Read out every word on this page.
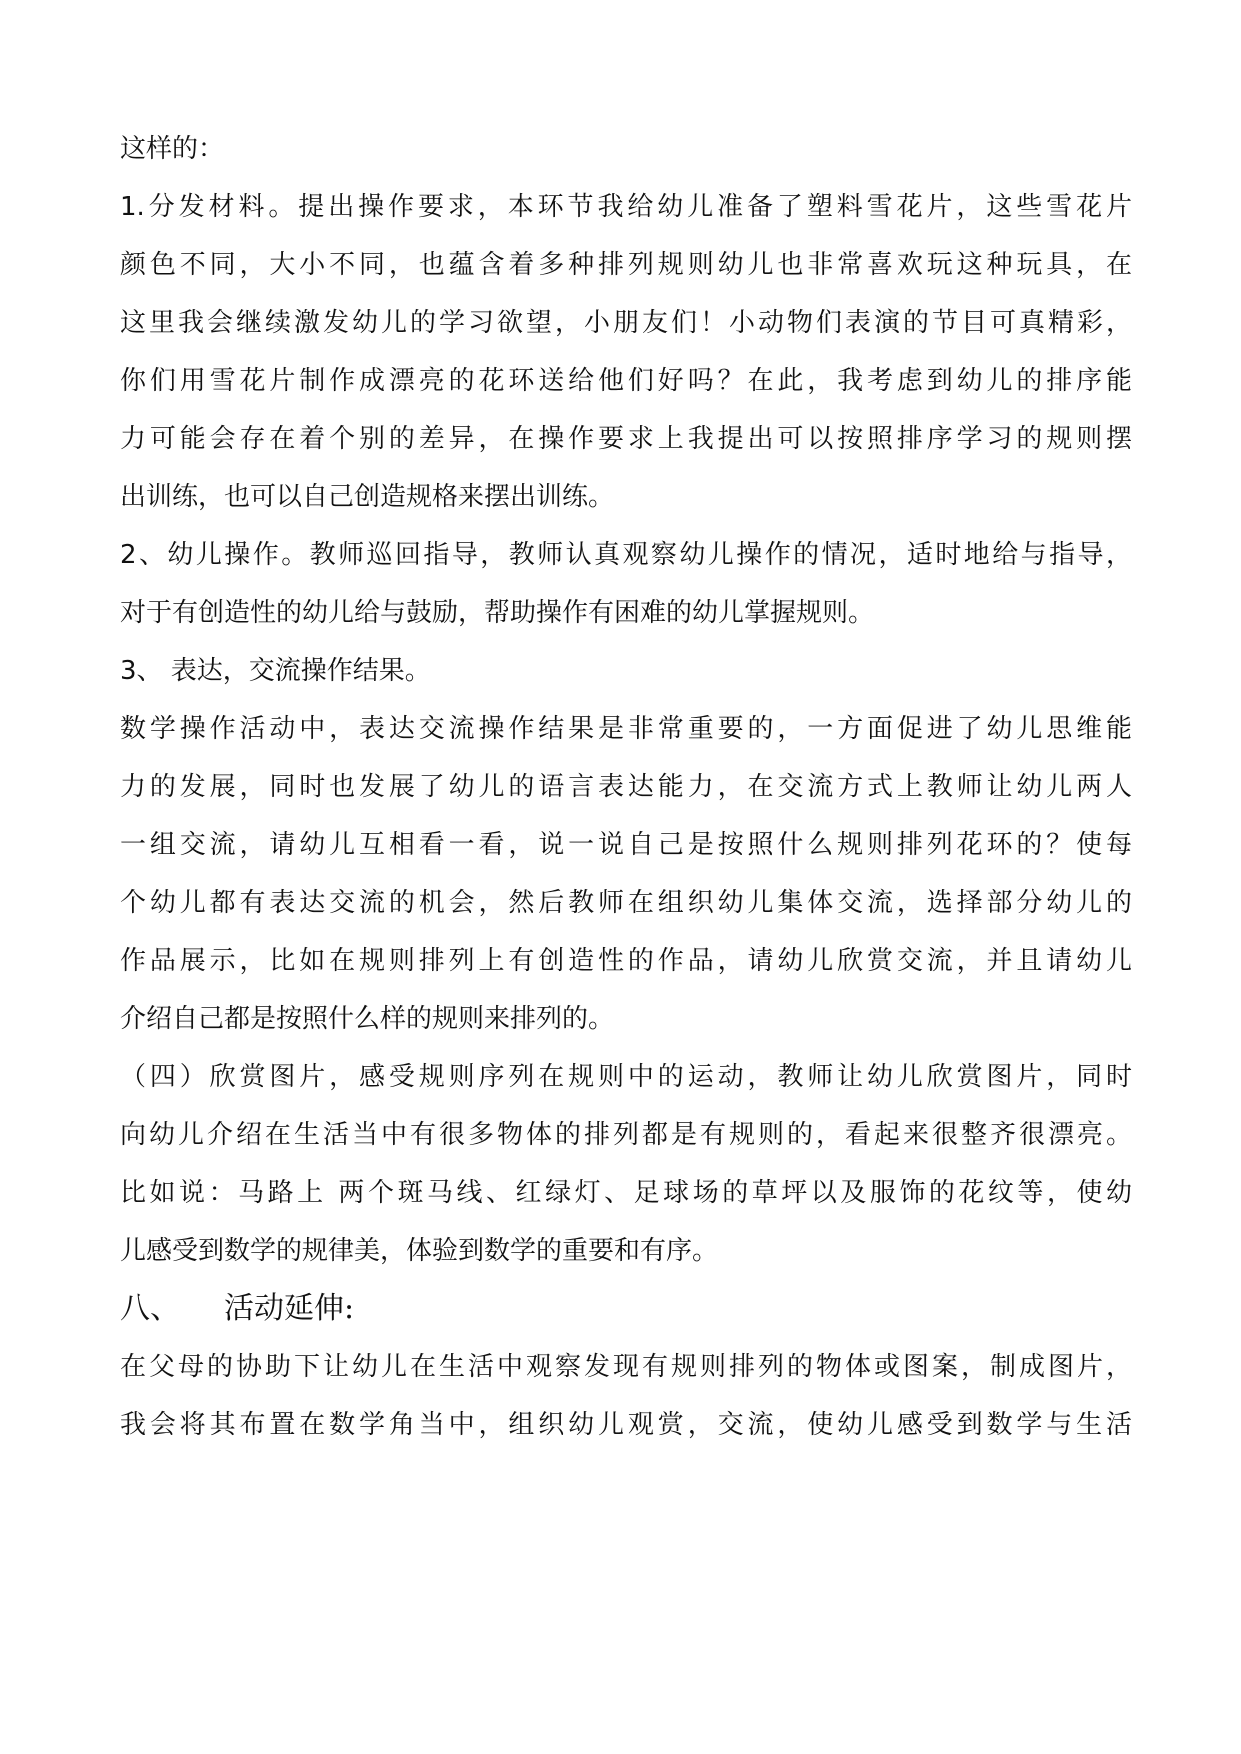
这样的：
1.分发材料。提出操作要求，本环节我给幼儿准备了塑料雪花片，这些雪花片
颜色不同，大小不同，也蕴含着多种排列规则幼儿也非常喜欢玩这种玩具，在
这里我会继续激发幼儿的学习欲望，小朋友们！小动物们表演的节目可真精彩，
你们用雪花片制作成漂亮的花环送给他们好吗？在此，我考虑到幼儿的排序能
力可能会存在着个别的差异，在操作要求上我提出可以按照排序学习的规则摆
出训练，也可以自己创造规格来摆出训练。
2、幼儿操作。教师巡回指导，教师认真观察幼儿操作的情况，适时地给与指导，
对于有创造性的幼儿给与鼓励，帮助操作有困难的幼儿掌握规则。
3、 表达，交流操作结果。
数学操作活动中，表达交流操作结果是非常重要的，一方面促进了幼儿思维能
力的发展，同时也发展了幼儿的语言表达能力，在交流方式上教师让幼儿两人
一组交流，请幼儿互相看一看，说一说自己是按照什么规则排列花环的？使每
个幼儿都有表达交流的机会，然后教师在组织幼儿集体交流，选择部分幼儿的
作品展示，比如在规则排列上有创造性的作品，请幼儿欣赏交流，并且请幼儿
介绍自己都是按照什么样的规则来排列的。
（四）欣赏图片，感受规则序列在规则中的运动，教师让幼儿欣赏图片，同时
向幼儿介绍在生活当中有很多物体的排列都是有规则的，看起来很整齐很漂亮。
比如说：马路上 两个斑马线、红绿灯、足球场的草坪以及服饰的花纹等，使幼
儿感受到数学的规律美，体验到数学的重要和有序。
八、 活动延伸:
在父母的协助下让幼儿在生活中观察发现有规则排列的物体或图案，制成图片，
我会将其布置在数学角当中，组织幼儿观赏，交流，使幼儿感受到数学与生活
